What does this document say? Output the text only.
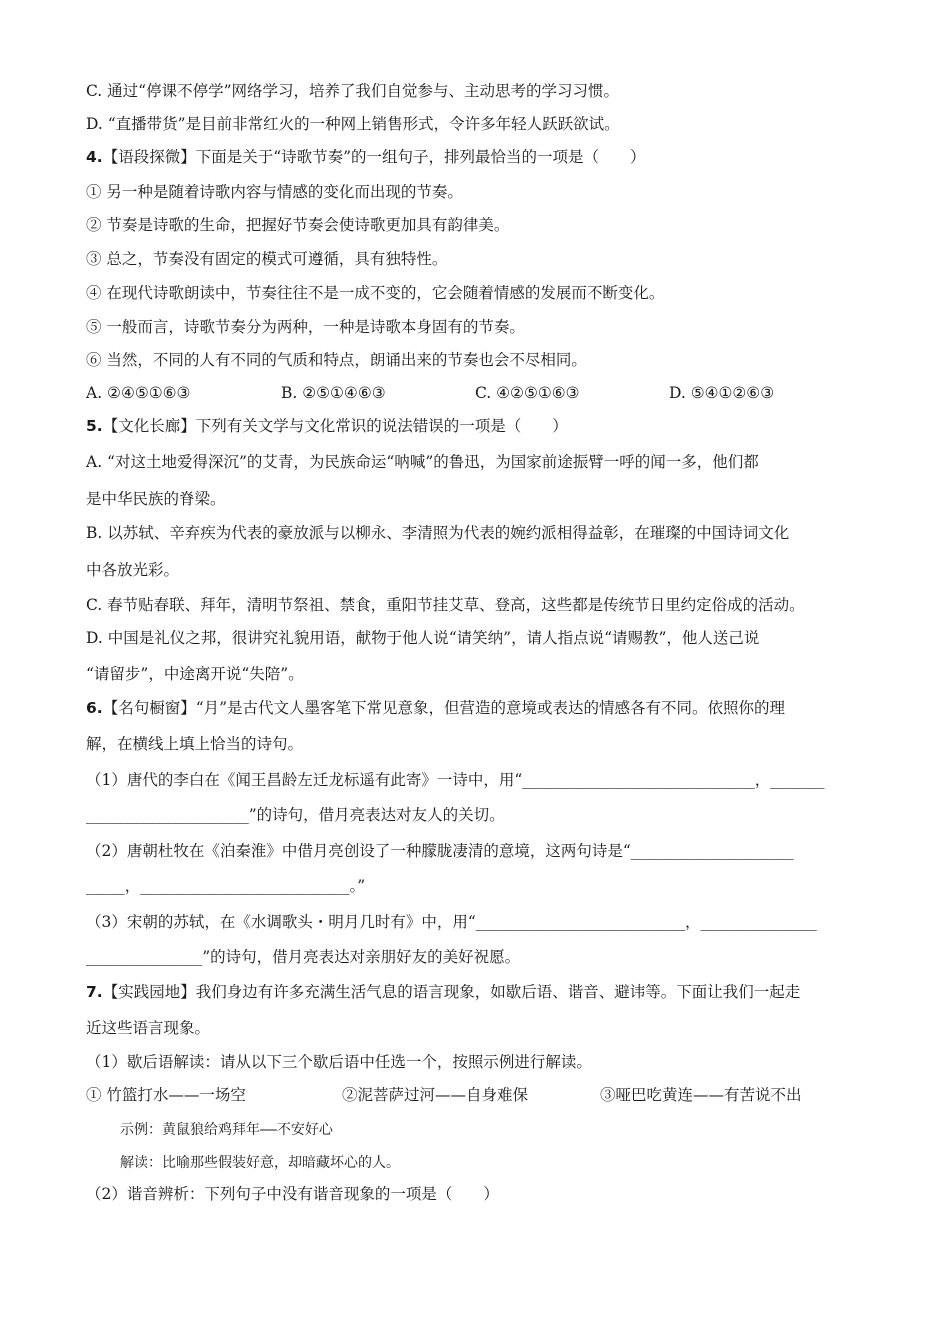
C. 通过“停课不停学”网络学习，培养了我们自觉参与、主动思考的学习习惯。
D. “直播带货”是目前非常红火的一种网上销售形式，令许多年轻人跃跃欲试。
4.【语段探微】下面是关于“诗歌节奏”的一组句子，排列最恰当的一项是（　　）
① 另一种是随着诗歌内容与情感的变化而出现的节奏。
② 节奏是诗歌的生命，把握好节奏会使诗歌更加具有韵律美。
③ 总之，节奏没有固定的模式可遵循，具有独特性。
④ 在现代诗歌朗读中，节奏往往不是一成不变的，它会随着情感的发展而不断变化。
⑤ 一般而言，诗歌节奏分为两种，一种是诗歌本身固有的节奏。
⑥ 当然，不同的人有不同的气质和特点，朗诵出来的节奏也会不尽相同。
A. ②④⑤①⑥③	B. ②⑤①④⑥③	C. ④②⑤①⑥③	D. ⑤④①②⑥③
5.【文化长廊】下列有关文学与文化常识的说法错误的一项是（　　）
A. “对这土地爱得深沉”的艾青，为民族命运“呐喊”的鲁迅，为国家前途振臂一呼的闻一多，他们都
是中华民族的脊梁。
B. 以苏轼、辛弃疾为代表的豪放派与以柳永、李清照为代表的婉约派相得益彰，在璀璨的中国诗词文化
中各放光彩。
C. 春节贴春联、拜年，清明节祭祖、禁食，重阳节挂艾草、登高，这些都是传统节日里约定俗成的活动。
D. 中国是礼仪之邦，很讲究礼貌用语，献物于他人说“请笑纳”，请人指点说“请赐教”，他人送己说
“请留步”，中途离开说“失陪”。
6.【名句橱窗】“月”是古代文人墨客笔下常见意象，但营造的意境或表达的情感各有不同。依照你的理
解，在横线上填上恰当的诗句。
（1）唐代的李白在《闻王昌龄左迁龙标遥有此寄》一诗中，用“______________________________，_______
_____________________”的诗句，借月亮表达对友人的关切。
（2）唐朝杜牧在《泊秦淮》中借月亮创设了一种朦胧凄清的意境，这两句诗是“_____________________
_____，___________________________。”
（3）宋朝的苏轼，在《水调歌头・明月几时有》中，用“___________________________，_______________
_______________”的诗句，借月亮表达对亲朋好友的美好祝愿。
7.【实践园地】我们身边有许多充满生活气息的语言现象，如歇后语、谐音、避讳等。下面让我们一起走
近这些语言现象。
（1）歇后语解读：请从以下三个歇后语中任选一个，按照示例进行解读。
① 竹篮打水——一场空	②泥菩萨过河——自身难保	③哑巴吃黄连——有苦说不出
示例：黄鼠狼给鸡拜年——不安好心
解读：比喻那些假装好意，却暗藏坏心的人。
（2）谐音辨析：下列句子中没有谐音现象的一项是（　　）
